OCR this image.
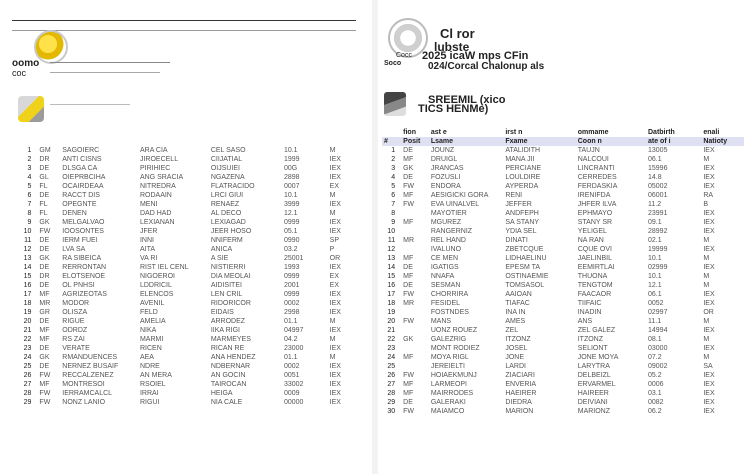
oomo
coc
1	GM	SAGOIERC	ARA CIA	CEL SASO	10.1	M
2	DR	ANTI CISNS	JIROECELL	CIIJATIAL	1999	IEX
3	DE	DLSGA CA	PIRIHIEC	OIJSUIEI	00G	IEX
4	GL	OIEPRBCIHA	ANG SRACIA	NGAZENA	2898	IEX
5	FL	OCAIRDEAA	NITREDRA	FLATRACIDO	0007	EX
6	DE	RACCT DIS	RODAAIN	LRCI GIUI	10.1	M
7	FL	OPEGNTE	MENI	RENAEZ	3999	IEX
8	FL	DENEN	DAD HAD	AL DECO	12.1	M
9	GK	MELGALVAO	LEXIANAN	LEXIAGAD	0999	IEX
10	FW	IOOSONTES	JFER	JEER HOSO	05.1	IEX
11	DE	IERM FUEI	INNI	NNIFERM	0990	SP
12	DE	LVA SA	AITA	ANICA	03.2	P
13	GK	RA SIBEICA	VA RI	A SIE	25001	OR
14	DE	RERRONTAN	RIST IEL CENL	NISTIERRI	1993	IEX
15	DR	ELOTSENOE	NIGOEROI	DIA MEOLAI	0999	EX
16	DE	OL PNHSI	LDDRICIL	AIDISITEI	2001	EX
17	MF	AGRIZEOTAS	ELENCOS	LEN CRIL	0999	IEX
18	MR	MODOR	AVENIL	RIDORICOR	0002	IEX
19	GR	OLISZA	FELD	EIDAIS	2998	IEX
20	DE	RIGUE	AMELIA	ARRODEZ	01.1	M
21	MF	ODRDZ	NIKA	IIKA RIGI	04997	IEX
22	MF	RS ZAI	MARMI	MARMEYES	04.2	M
23	DE	VERATE	RICEN	RICAN RE	23000	IEX
24	GK	RMANDUENCES	AEA	ANA HENDEZ	01.1	M
25	DE	NERNEZ BUSAIF	NDRE	NDBERNAR	0002	IEX
26	FW	RECCALZENEZ	AN MERA	AN GOCIN	0051	IEX
27	MF	MONTRESOI	RSOIEL	TAIROCAN	33002	IEX
28	FW	IERRAMCALCL	IRRAI	HEIGA	0009	IEX
29	FW	NONZ LANIO	RIGUI	NIA CALE	00000	IEX
Cocc
Soco
Cl ror
lubste
2025 icaW mps CFin
024/Corcal Chalonup als
SREEMIL (xico
TICS HENMe)
	fion	ast e	irst n	ommame	Datbirth	enali
#	Posit	Lsame	Fxame	Coon n	ate of i	Natioty
1	DE	JOUNZ	ATALIDITH	TAUJN	13005	IEX
2	MF	DRUIGL	MANA JII	NALCOUI	06.1	M
3	GK	JRANCAS	PERCIANE	LINCRANTI	15996	IEX
4	DE	FOZUSLI	LOULDIRE	CERREDES	14.8	IEX
5	FW	ENDORA	AYPERDA	FERDASKIA	05002	IEX
6	MF	AESIGICKI GORA	RENI	IRENIFDA	06001	RA
7	FW	EVA UINALVEL	JEFFER	JHFER ILVA	11.2	B
8		MAYOTIER	ANDFEPH	EPHMAYO	23991	IEX
9	MF	MGUREZ	SA STANY	STANY SR	09.1	IEX
10		RANGERNIZ	YDIA SEL	YELIGEL	28992	IEX
11	MR	REL HAND	DINATI	NA RAN	02.1	M
12		IVALUNO	ZBETCQUE	CQUE OVI	19999	IEX
13	MF	CE MEN	LIDHAELINU	JAELINBIL	10.1	M
14	DE	IGATIGS	EPESM TA	EEMIRTLAI	02999	IEX
15	MF	NNAFA	OSTINAEMIE	THUONA	10.1	M
16	DE	SESMAN	TOMSASOL	TENGTOM	12.1	M
17	FW	CHORRIRA	AAIOAN	FAACAOR	06.1	IEX
18	MR	FESIDEL	TIAFAC	TIIFAIC	0052	IEX
19		FOSTNDES	INA IN	INADIN	02997	OR
20	FW	MANS	AMES	ANS	11.1	M
21		UONZ ROUEZ	ZEL	ZEL GALEZ	14994	IEX
22	GK	GALEZRIG	ITZONZ	ITZONZ	08.1	M
23		MONT RODIEZ	JOSEL	SELIONT	03000	IEX
24	MF	MOYA RIGL	JONE	JONE MOYA	07.2	M
25		JEREIELTI	LARDI	LARYTRA	09002	SA
26	FW	HOIAEKMUNJ	ZIACIARI	DELBEIZL	05.2	IEX
27	MF	LARMEOPI	ENVERIA	ERVARMEL	0006	IEX
28	MF	MAIRRODES	HAEIRER	HAIREER	03.1	IEX
29	DE	GALERAKI	DIEDRA	DEIVIANI	0082	IEX
30	FW	MAIAMCO	MARION	MARIONZ	06.2	IEX
